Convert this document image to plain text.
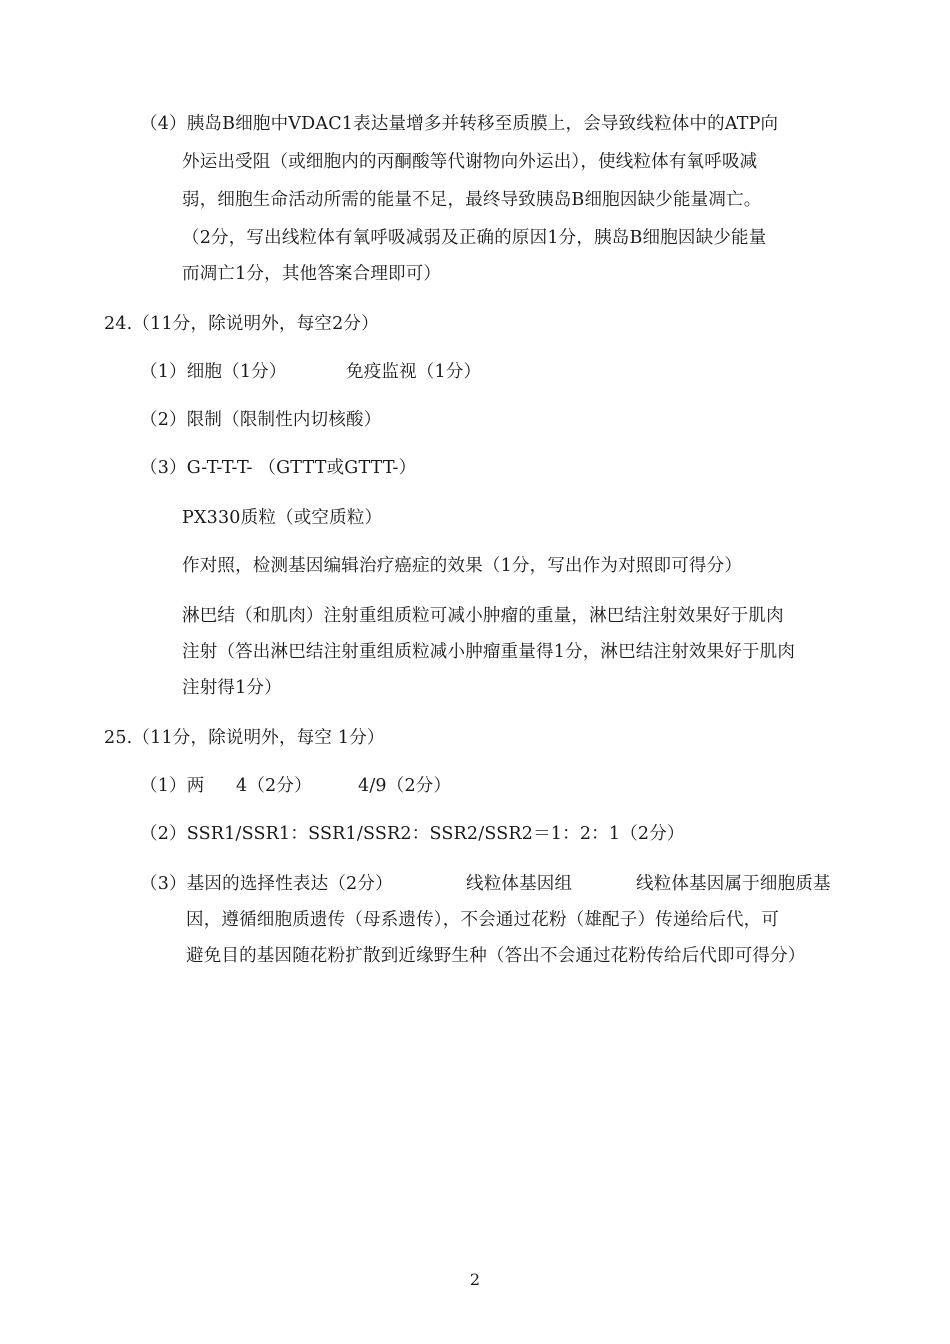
（4）胰岛B细胞中VDAC1表达量增多并转移至质膜上，会导致线粒体中的ATP向
外运出受阻（或细胞内的丙酮酸等代谢物向外运出），使线粒体有氧呼吸减
弱，细胞生命活动所需的能量不足，最终导致胰岛B细胞因缺少能量凋亡。
（2分，写出线粒体有氧呼吸减弱及正确的原因1分，胰岛B细胞因缺少能量
而凋亡1分，其他答案合理即可）
24.（11分，除说明外，每空2分）
（1）细胞（1分）	免疫监视（1分）
（2）限制（限制性内切核酸）
（3）G-T-T-T- （GTTT或GTTT-）
PX330质粒（或空质粒）
作对照，检测基因编辑治疗癌症的效果（1分，写出作为对照即可得分）
淋巴结（和肌肉）注射重组质粒可减小肿瘤的重量，淋巴结注射效果好于肌肉
注射（答出淋巴结注射重组质粒减小肿瘤重量得1分，淋巴结注射效果好于肌肉
注射得1分）
25.（11分，除说明外，每空 1分）
（1）两 4（2分）	4/9（2分）
（2）SSR1/SSR1：SSR1/SSR2：SSR2/SSR2＝1：2：1（2分）
（3）基因的选择性表达（2分）	线粒体基因组	线粒体基因属于细胞质基
因，遵循细胞质遗传（母系遗传），不会通过花粉（雄配子）传递给后代，可
避免目的基因随花粉扩散到近缘野生种（答出不会通过花粉传给后代即可得分）
2
